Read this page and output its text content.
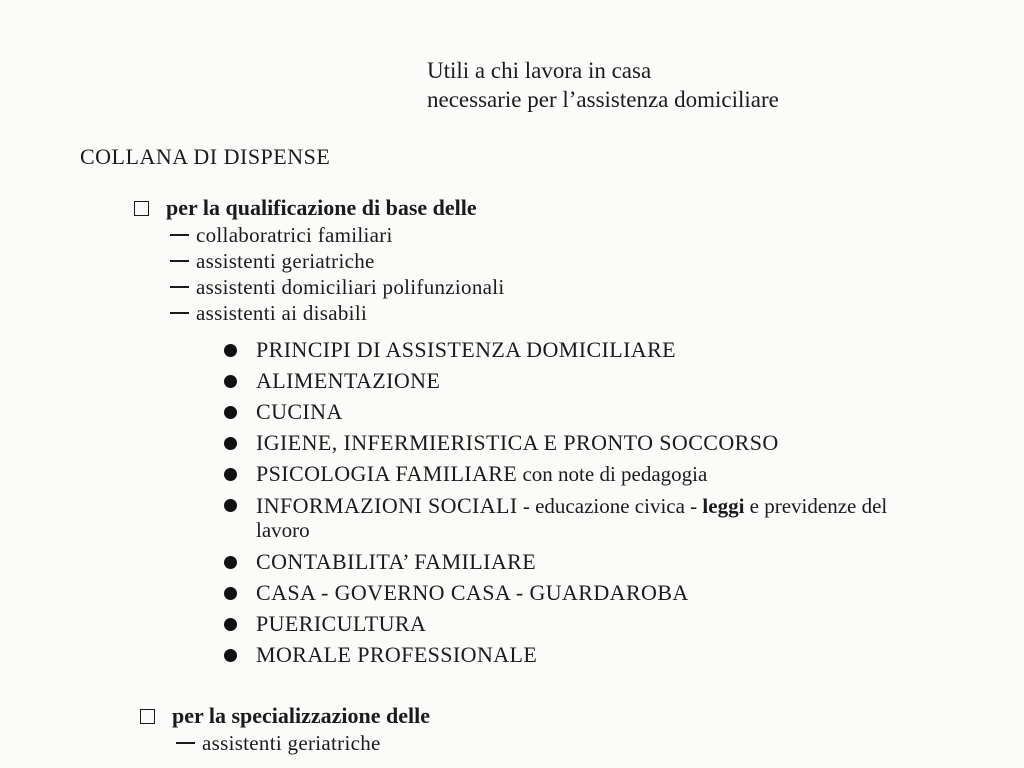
Utili a chi lavora in casa
necessarie per l’assistenza domiciliare
COLLANA DI DISPENSE
per la qualificazione di base delle
collaboratrici familiari
assistenti geriatriche
assistenti domiciliari polifunzionali
assistenti ai disabili
PRINCIPI DI ASSISTENZA DOMICILIARE
ALIMENTAZIONE
CUCINA
IGIENE, INFERMIERISTICA E PRONTO SOCCORSO
PSICOLOGIA FAMILIARE con note di pedagogia
INFORMAZIONI SOCIALI - educazione civica - leggi e previdenze del lavoro
CONTABILITA’ FAMILIARE
CASA - GOVERNO CASA - GUARDAROBA
PUERICULTURA
MORALE PROFESSIONALE
per la specializzazione delle
assistenti geriatriche
